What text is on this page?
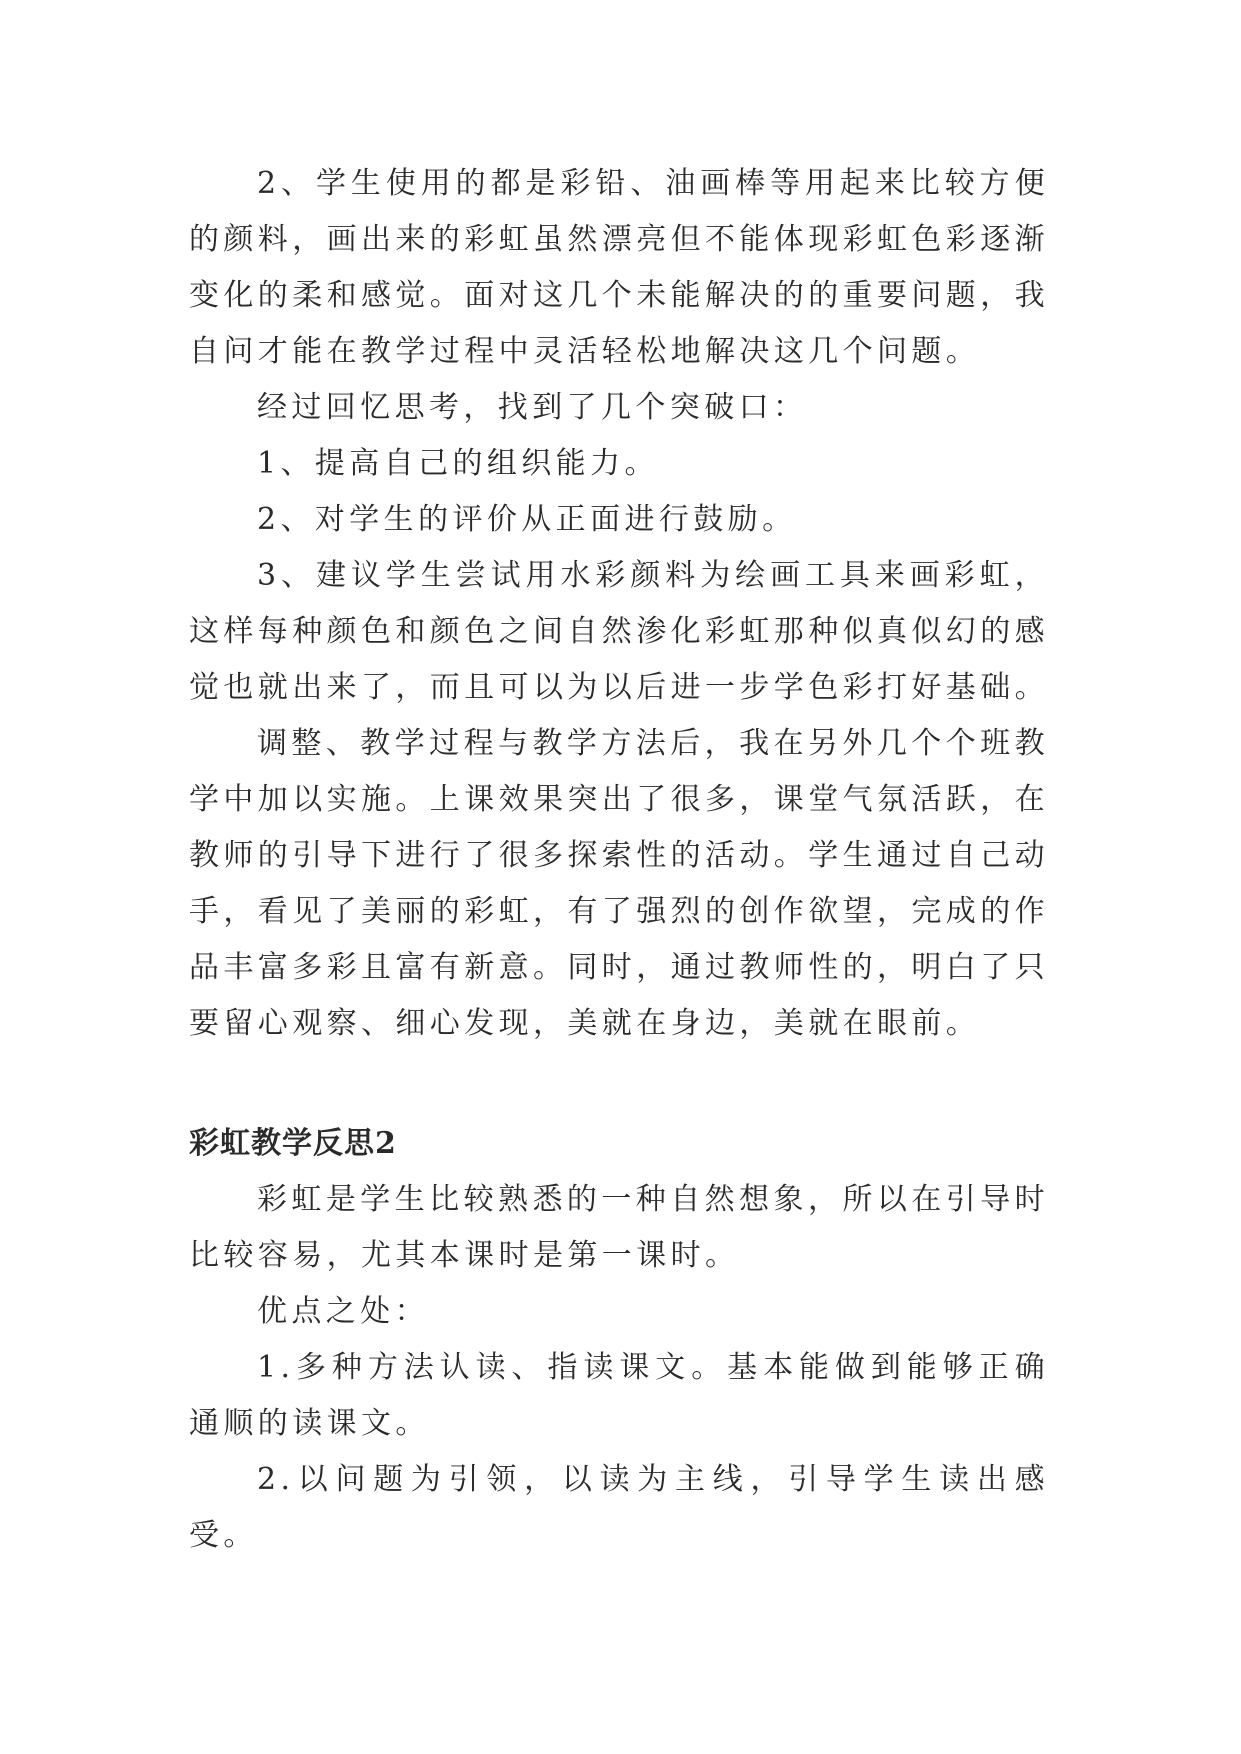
2、学生使用的都是彩铅、油画棒等用起来比较方便的颜料，画出来的彩虹虽然漂亮但不能体现彩虹色彩逐渐变化的柔和感觉。面对这几个未能解决的的重要问题，我自问才能在教学过程中灵活轻松地解决这几个问题。

经过回忆思考，找到了几个突破口：

1、提高自己的组织能力。

2、对学生的评价从正面进行鼓励。

3、建议学生尝试用水彩颜料为绘画工具来画彩虹，这样每种颜色和颜色之间自然渗化彩虹那种似真似幻的感觉也就出来了，而且可以为以后进一步学色彩打好基础。

调整、教学过程与教学方法后，我在另外几个个班教学中加以实施。上课效果突出了很多，课堂气氛活跃，在教师的引导下进行了很多探索性的活动。学生通过自己动手，看见了美丽的彩虹，有了强烈的创作欲望，完成的作品丰富多彩且富有新意。同时，通过教师性的，明白了只要留心观察、细心发现，美就在身边，美就在眼前。

彩虹教学反思2

彩虹是学生比较熟悉的一种自然想象，所以在引导时比较容易，尤其本课时是第一课时。

优点之处：

1.多种方法认读、指读课文。基本能做到能够正确通顺的读课文。

2.以问题为引领，以读为主线，引导学生读出感受。
